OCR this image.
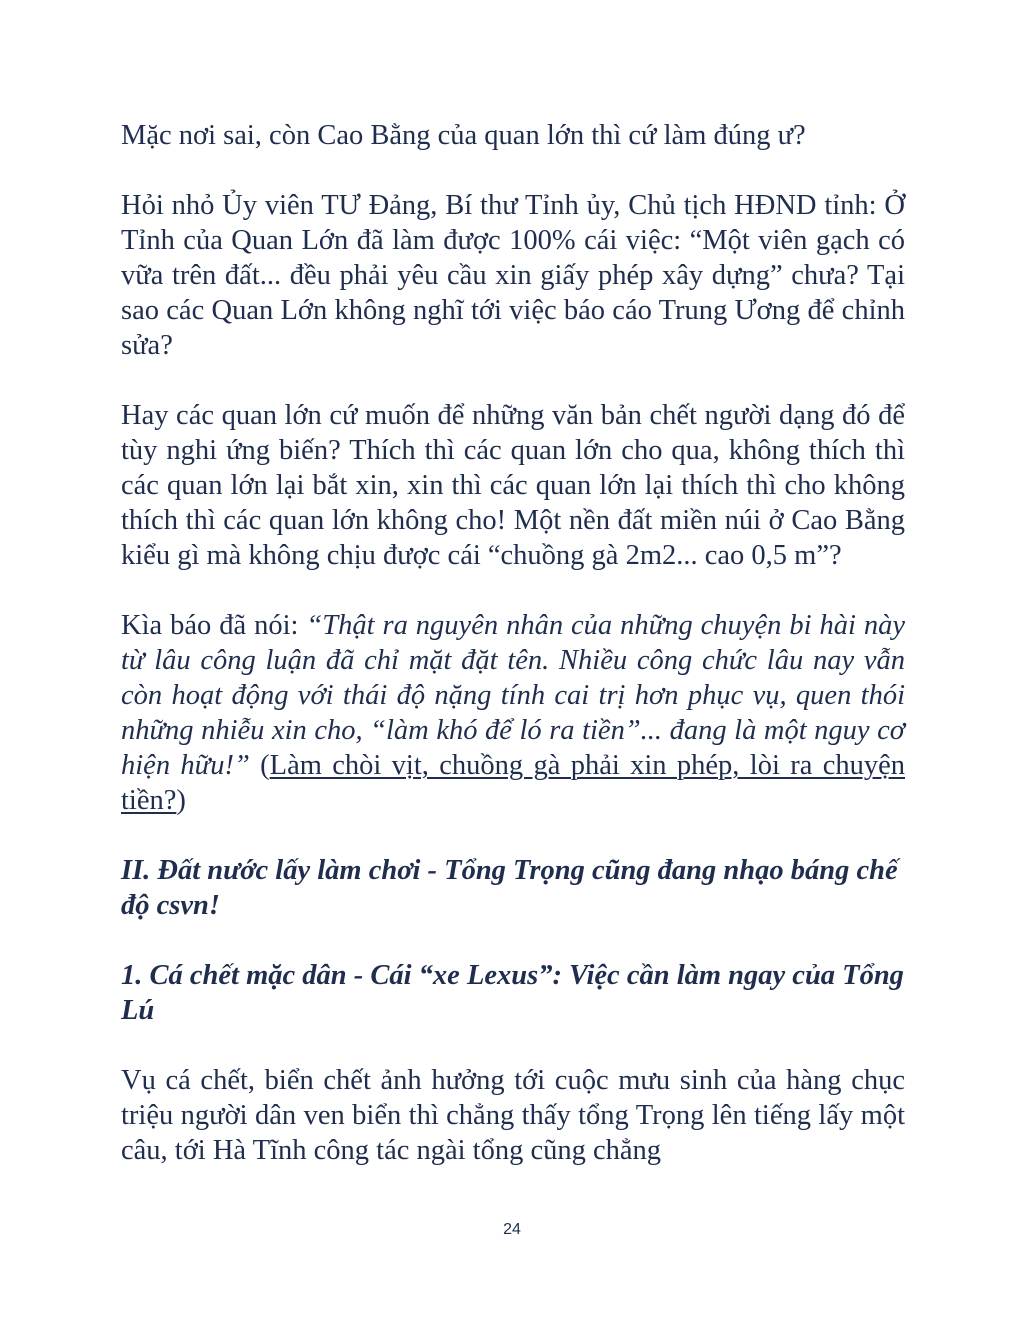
Mặc nơi sai, còn Cao Bằng của quan lớn thì cứ làm đúng ư?

Hỏi nhỏ Ủy viên TƯ Đảng, Bí thư Tỉnh ủy, Chủ tịch HĐND tỉnh: Ở Tỉnh của Quan Lớn đã làm được 100% cái việc: “Một viên gạch có vữa trên đất... đều phải yêu cầu xin giấy phép xây dựng” chưa? Tại sao các Quan Lớn không nghĩ tới việc báo cáo Trung Ương để chỉnh sửa?

Hay các quan lớn cứ muốn để những văn bản chết người dạng đó để tùy nghi ứng biến? Thích thì các quan lớn cho qua, không thích thì các quan lớn lại bắt xin, xin thì các quan lớn lại thích thì cho không thích thì các quan lớn không cho! Một nền đất miền núi ở Cao Bằng kiểu gì mà không chịu được cái “chuồng gà 2m2... cao 0,5 m”?

Kìa báo đã nói: “Thật ra nguyên nhân của những chuyện bi hài này từ lâu công luận đã chỉ mặt đặt tên. Nhiều công chức lâu nay vẫn còn hoạt động với thái độ nặng tính cai trị hơn phục vụ, quen thói những nhiễu xin cho, “làm khó để ló ra tiền”... đang là một nguy cơ hiện hữu!” (Làm chòi vịt, chuồng gà phải xin phép, lòi ra chuyện tiền?)

II. Đất nước lấy làm chơi - Tổng Trọng cũng đang nhạo báng chế độ csvn!

1. Cá chết mặc dân - Cái “xe Lexus”: Việc cần làm ngay của Tổng Lú

Vụ cá chết, biển chết ảnh hưởng tới cuộc mưu sinh của hàng chục triệu người dân ven biển thì chẳng thấy tổng Trọng lên tiếng lấy một câu, tới Hà Tĩnh công tác ngài tổng cũng chẳng

24
